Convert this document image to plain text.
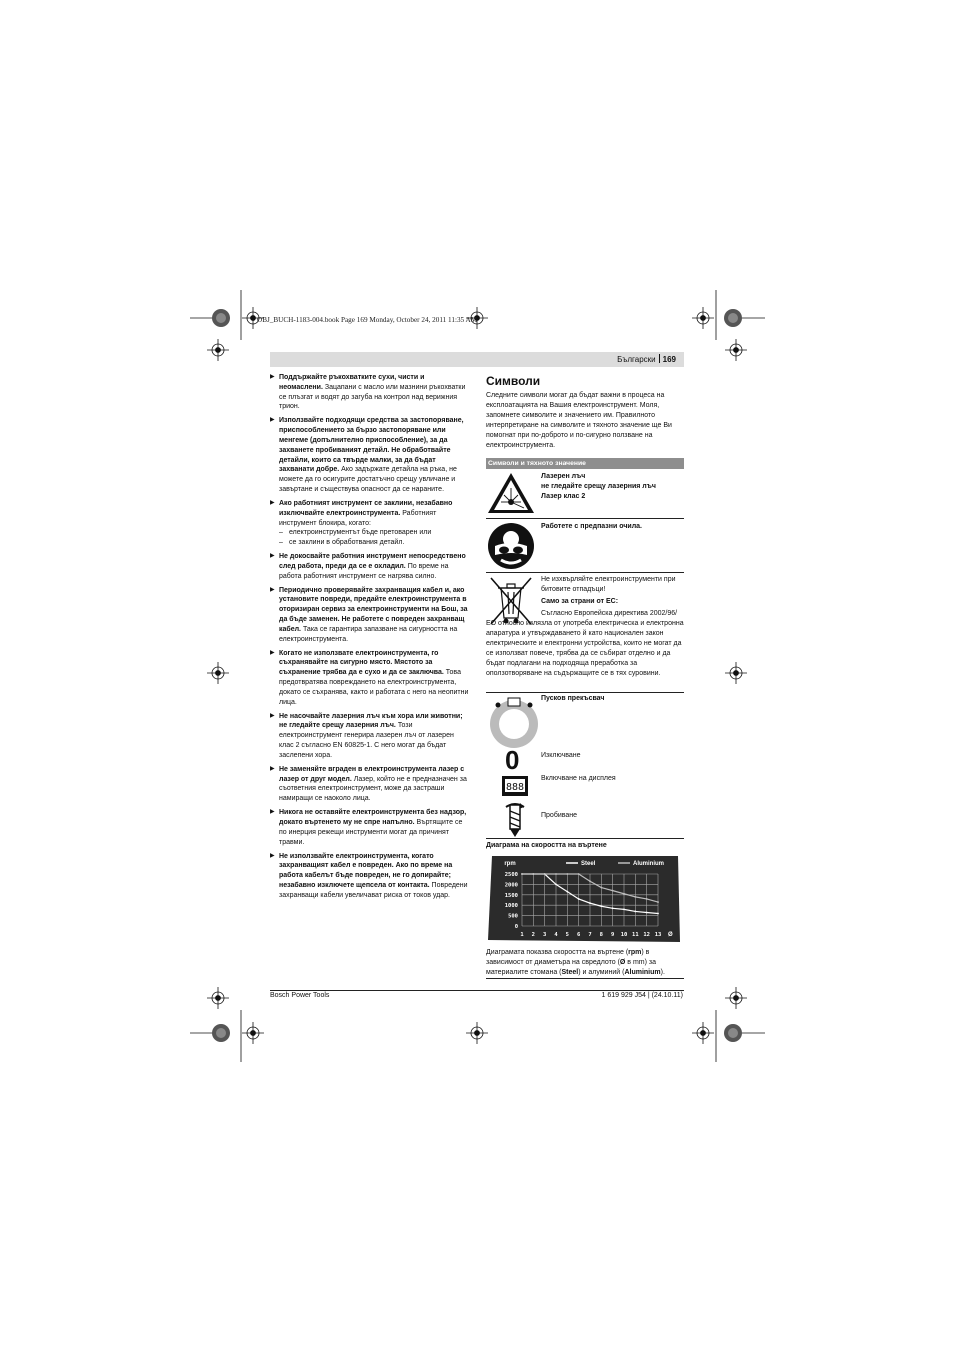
OBJ_BUCH-1183-004.book Page 169 Monday, October 24, 2011 11:35 AM
Български 169
▶ Поддържайте ръкохватките сухи, чисти и неомаслени. Зацапани с масло или мазнини ръкохватки се плъзгат и водят до загуба на контрол над верижния трион.
▶ Използвайте подходящи средства за застопоряване, приспособлението за бързо застопоряване или менгеме (допълнително приспособление), за да захванете пробиваният детайл. Не обработвайте детайли, които са твърде малки, за да бъдат захванати добре. Ако задържате детайла на ръка, не можете да го осигурите достатъчно срещу увличане и завъртане и съществува опасност да се нараните.
▶ Ако работният инструмент се заклини, незабавно изключвайте електроинструмента. Работният инструмент блокира, когато:
– електроинструментът бъде претоварен или
– се заклини в обработвания детайл.
▶ Не докосвайте работния инструмент непосредствено след работа, преди да се е охладил. По време на работа работният инструмент се нагрява силно.
▶ Периодично проверявайте захранващия кабел и, ако установите повреди, предайте електроинструмента в оторизиран сервиз за електроинструменти на Бош, за да бъде заменен. Не работете с повреден захранващ кабел. Така се гарантира запазване на сигурността на електроинструмента.
▶ Когато не използвате електроинструмента, го съхранявайте на сигурно място. Мястото за съхранение трябва да е сухо и да се заключва. Това предотвратява повреждането на електроинструмента, докато се съхранява, както и работата с него на неопитни лица.
▶ Не насочвайте лазерния лъч към хора или животни; не гледайте срещу лазерния лъч. Този електроинструмент генерира лазерен лъч от лазерен клас 2 съгласно EN 60825-1. С него могат да бъдат заслепени хора.
▶ Не заменяйте вграден в електроинструмента лазер с лазер от друг модел. Лазер, който не е предназначен за съответния електроинструмент, може да застраши намиращи се наоколо лица.
▶ Никога не оставяйте електроинструмента без надзор, докато въртенето му не спре напълно. Въртящите се по инерция режещи инструменти могат да причинят травми.
▶ Не използвайте електроинструмента, когато захранващият кабел е повреден. Ако по време на работа кабелът бъде повреден, не го допирайте; незабавно изключете щепсела от контакта. Повредени захранващи кабели увеличават риска от токов удар.
Символи
Следните символи могат да бъдат важни в процеса на експлоатацията на Вашия електроинструмент. Моля, запомнете символите и значението им. Правилното интерпретиране на символите и тяхното значение ще Ви помогнат при по-доброто и по-сигурно ползване на електроинструмента.
Символи и тяхното значение
Лазерен лъч
не гледайте срещу лазерния лъч
Лазер клас 2
Работете с предпазни очила.
Не изхвърляйте електроинструменти при битовите отпадъци!
Само за страни от ЕС:
Съгласно Европейска директива 2002/96/ЕО относно излязла от употреба електрическа и електронна апаратура и утвърждаването й като национален закон електрическите и електронни устройства, които не могат да се използват повече, трябва да се събират отделно и да бъдат подлагани на подходяща преработка за оползотворяване на съдържащите се в тях суровини.
Пусков прекъсвач
0	Изключване
888
Включване на дисплея
Пробиване
Диаграма на скоростта на въртене
0
500
1000
1500
2000
2500
1 2 3 4 5 6 7 8 9 10 11 12 13 Ø
rpm	Steel	Aluminium
Диаграмата показва скоростта на въртене (rpm) в зависимост от диаметъра на свредлото (Ø в mm) за материалите стомана (Steel) и алуминий (Aluminium).
Bosch Power Tools	1 619 929 J54 | (24.10.11)
